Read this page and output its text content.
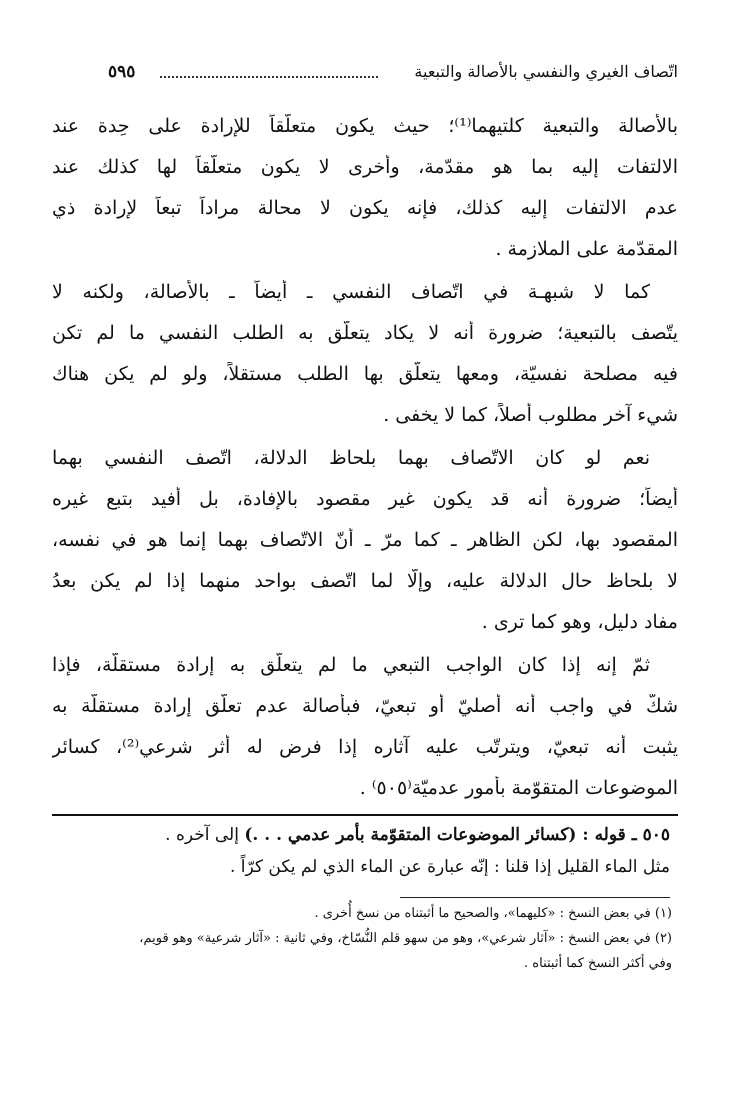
اتّصاف الغيري والنفسي بالأصالة والتبعية
٥٩٥
بالأصالة والتبعية كلتيهما⁽¹⁾؛ حيث يكون متعلّقاً للإرادة على حِدة عند
الالتفات إليه بما هو مقدّمة، وأُخرى لا يكون متعلّقاً لها كذلك عند
عدم الالتفات إليه كذلك، فإنه يكون لا محالة مراداً تبعاً لإرادة ذي
المقدّمة على الملازمة .
كما لا شبهـة في اتّصاف النفسي ـ أيضاً ـ بالأصالة، ولكنه لا
يتّصف بالتبعية؛ ضرورة أنه لا يكاد يتعلّق به الطلب النفسي ما لم تكن
فيه مصلحة نفسيّة، ومعها يتعلّق بها الطلب مستقلاً، ولو لم يكن هناك
شيء آخر مطلوب أصلاً، كما لا يخفى .
نعم لو كان الاتّصاف بهما بلحاظ الدلالة، اتّصف النفسي بهما
أيضاً؛ ضرورة أنه قد يكون غير مقصود بالإفادة، بل أُفيد بتبع غيره
المقصود بها، لكن الظاهر ـ كما مرّ ـ أنّ الاتّصاف بهما إنما هو في نفسه،
لا بلحاظ حال الدلالة عليه، وإلّا لما اتّصف بواحد منهما إذا لم يكن بعدُ
مفاد دليل، وهو كما ترى .
ثمّ إنه إذا كان الواجب التبعي ما لم يتعلّق به إرادة مستقلّة، فإذا
شكّ في واجب أنه أصليّ أو تبعيّ، فبأصالة عدم تعلّق إرادة مستقلّة به
يثبت أنه تبعيّ، ويترتّب عليه آثاره إذا فرض له أثر شرعي⁽²⁾، كسائر
الموضوعات المتقوّمة بأُمور عدميّة⁽٥٠٥⁾ .
٥٠٥ ـ قوله : (كسائر الموضوعات المتقوّمة بأمر عدمي . . .) إلى آخره .
مثل الماء القليل إذا قلنا : إنّه عبارة عن الماء الذي لم يكن كرّاً .
(١) في بعض النسخ : «كليهما»، والصحيح ما أثبتناه من نسخ أُخرى .
(٢) في بعض النسخ : «آثار شرعي»، وهو من سهو قلم النُّسّاخ، وفي ثانية : «آثار شرعية» وهو قويم،
وفي أكثر النسخ كما أثبتناه .
